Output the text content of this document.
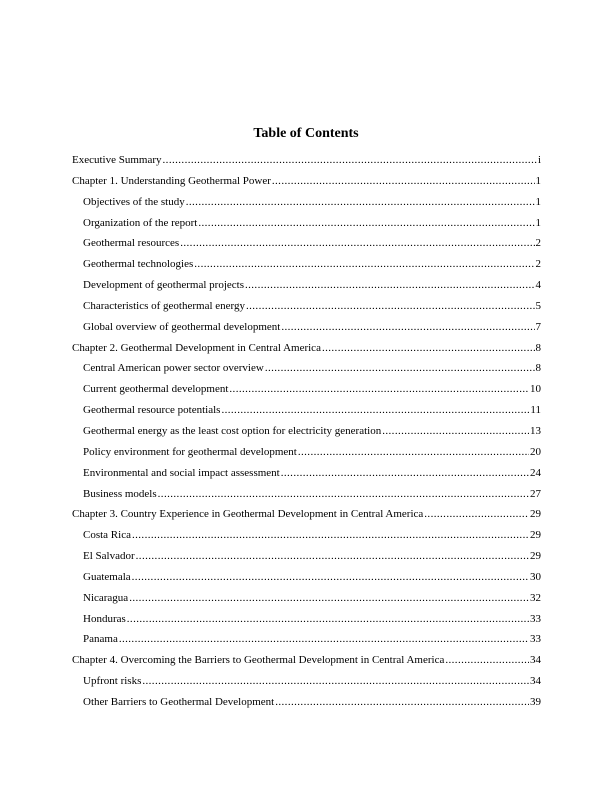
Table of Contents
Executive Summary .....	i
Chapter 1. Understanding Geothermal Power .....	1
Objectives of the study .....	1
Organization of the report .....	1
Geothermal resources .....	2
Geothermal technologies .....	2
Development of geothermal projects .....	4
Characteristics of geothermal energy .....	5
Global overview of geothermal development .....	7
Chapter 2. Geothermal Development in Central America .....	8
Central American power sector overview .....	8
Current geothermal development .....	10
Geothermal resource potentials .....	11
Geothermal energy as the least cost option for electricity generation .....	13
Policy environment for geothermal development .....	20
Environmental and social impact assessment .....	24
Business models .....	27
Chapter 3. Country Experience in Geothermal Development in Central America .....	29
Costa Rica .....	29
El Salvador .....	29
Guatemala .....	30
Nicaragua .....	32
Honduras .....	33
Panama .....	33
Chapter 4. Overcoming the Barriers to Geothermal Development in Central America .....	34
Upfront risks .....	34
Other Barriers to Geothermal Development .....	39
